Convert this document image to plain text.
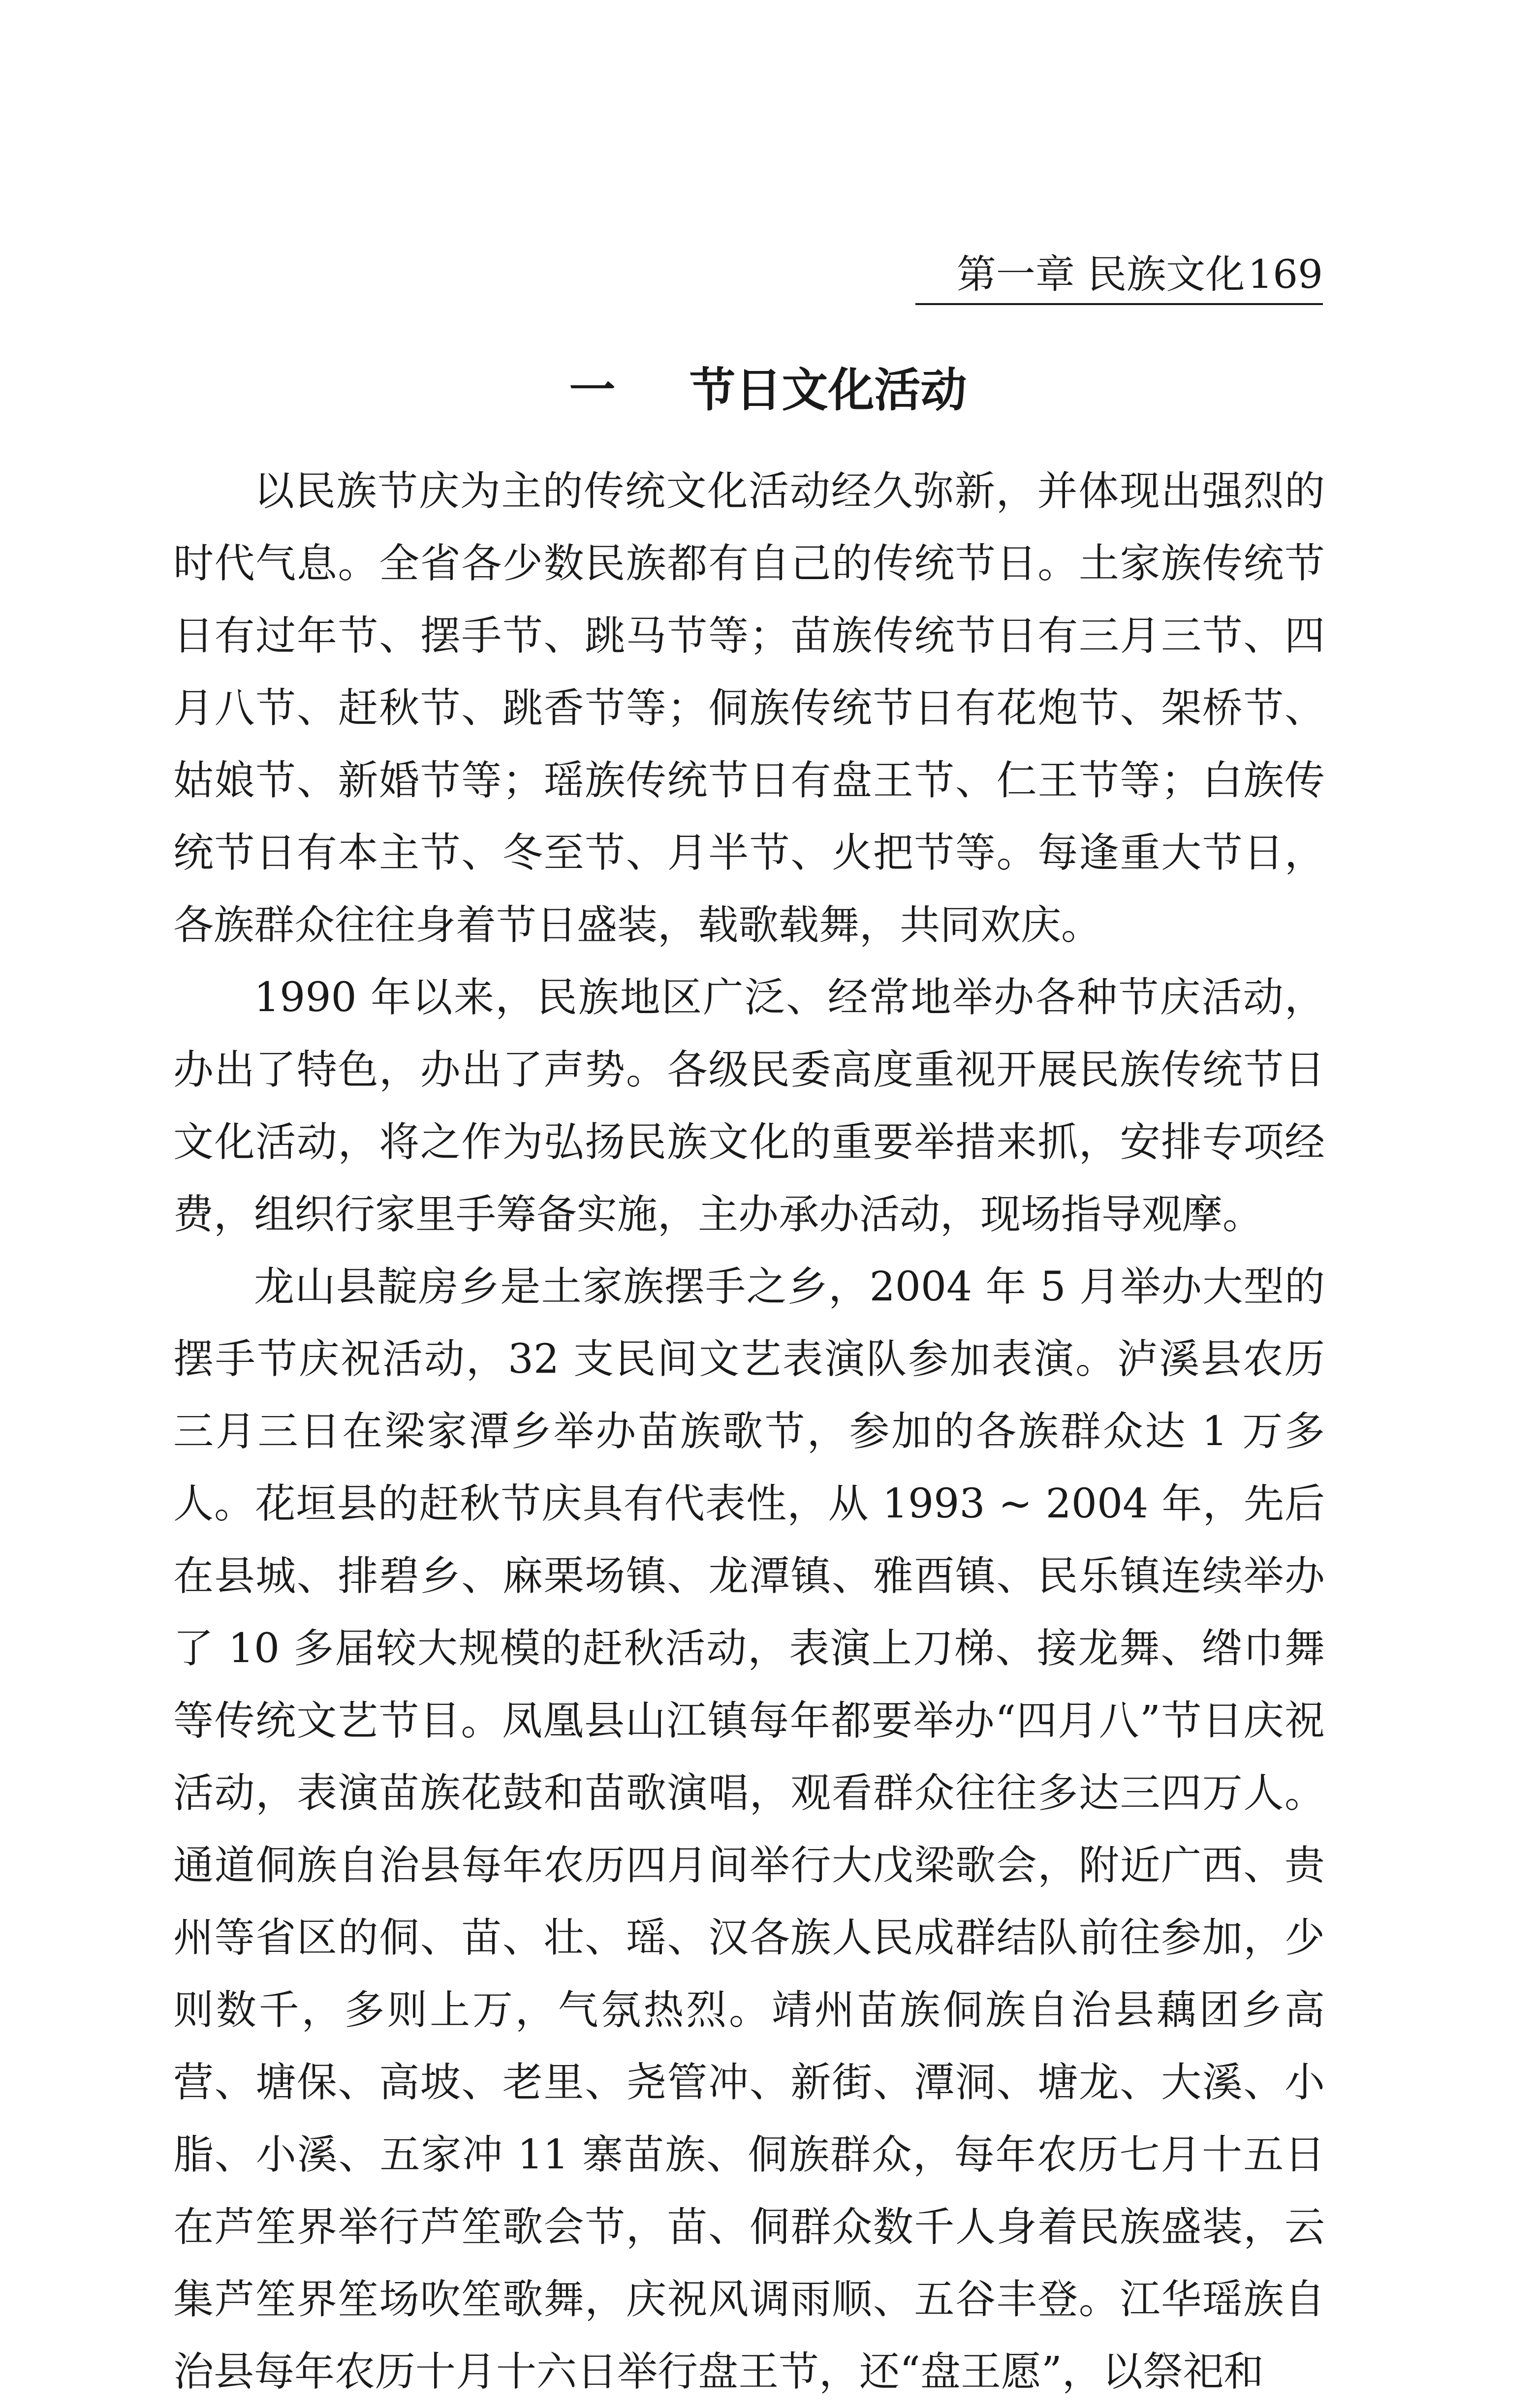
第一章 民族文化 169
一 节日文化活动

以民族节庆为主的传统文化活动经久弥新，并体现出强烈的时代气息。全省各少数民族都有自己的传统节日。土家族传统节日有过年节、摆手节、跳马节等；苗族传统节日有三月三节、四月八节、赶秋节、跳香节等；侗族传统节日有花炮节、架桥节、姑娘节、新婚节等；瑶族传统节日有盘王节、仁王节等；白族传统节日有本主节、冬至节、月半节、火把节等。每逢重大节日，各族群众往往身着节日盛装，载歌载舞，共同欢庆。

1990 年以来，民族地区广泛、经常地举办各种节庆活动，办出了特色，办出了声势。各级民委高度重视开展民族传统节日文化活动，将之作为弘扬民族文化的重要举措来抓，安排专项经费，组织行家里手筹备实施，主办承办活动，现场指导观摩。

龙山县靛房乡是土家族摆手之乡，2004 年 5 月举办大型的摆手节庆祝活动，32 支民间文艺表演队参加表演。泸溪县农历三月三日在梁家潭乡举办苗族歌节，参加的各族群众达 1 万多人。花垣县的赶秋节庆具有代表性，从 1993 ~ 2004 年，先后在县城、排碧乡、麻栗场镇、龙潭镇、雅酉镇、民乐镇连续举办了 10 多届较大规模的赶秋活动，表演上刀梯、接龙舞、绺巾舞等传统文艺节目。凤凰县山江镇每年都要举办“四月八”节日庆祝活动，表演苗族花鼓和苗歌演唱，观看群众往往多达三四万人。通道侗族自治县每年农历四月间举行大戊梁歌会，附近广西、贵州等省区的侗、苗、壮、瑶、汉各族人民成群结队前往参加，少则数千，多则上万，气氛热烈。靖州苗族侗族自治县藕团乡高营、塘保、高坡、老里、尧管冲、新街、潭洞、塘龙、大溪、小脂、小溪、五家冲 11 寨苗族、侗族群众，每年农历七月十五日在芦笙界举行芦笙歌会节，苗、侗群众数千人身着民族盛装，云集芦笙界笙场吹笙歌舞，庆祝风调雨顺、五谷丰登。江华瑶族自治县每年农历十月十六日举行盘王节，还“盘王愿”，以祭祀和
